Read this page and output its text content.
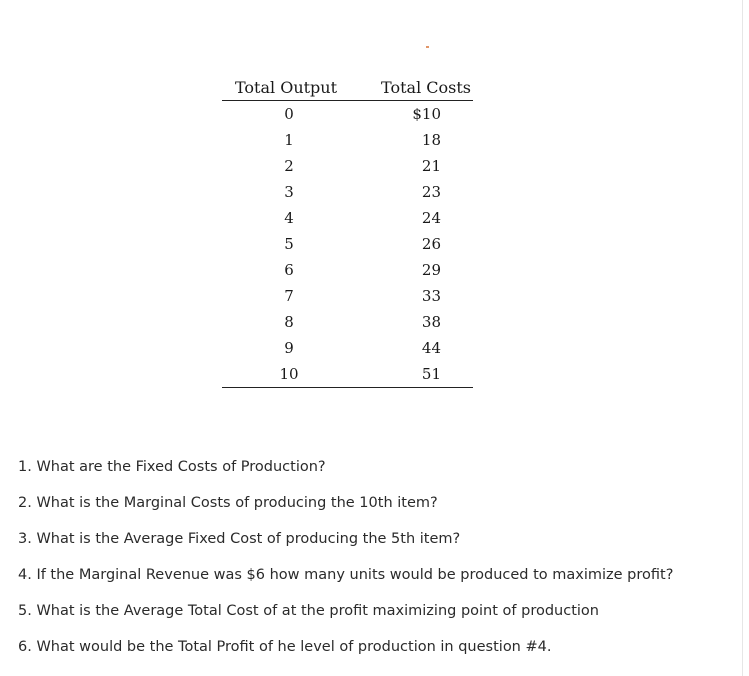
Total Output	Total Costs
0	$10
1	18
2	21
3	23
4	24
5	26
6	29
7	33
8	38
9	44
10	51
1. What are the Fixed Costs of Production?
2. What is the Marginal Costs of producing the 10th item?
3. What is the Average Fixed Cost of producing the 5th item?
4. If the Marginal Revenue was $6 how many units would be produced to maximize profit?
5. What is the Average Total Cost of at the profit maximizing point of production
6. What would be the Total Profit of he level of production in question #4.
